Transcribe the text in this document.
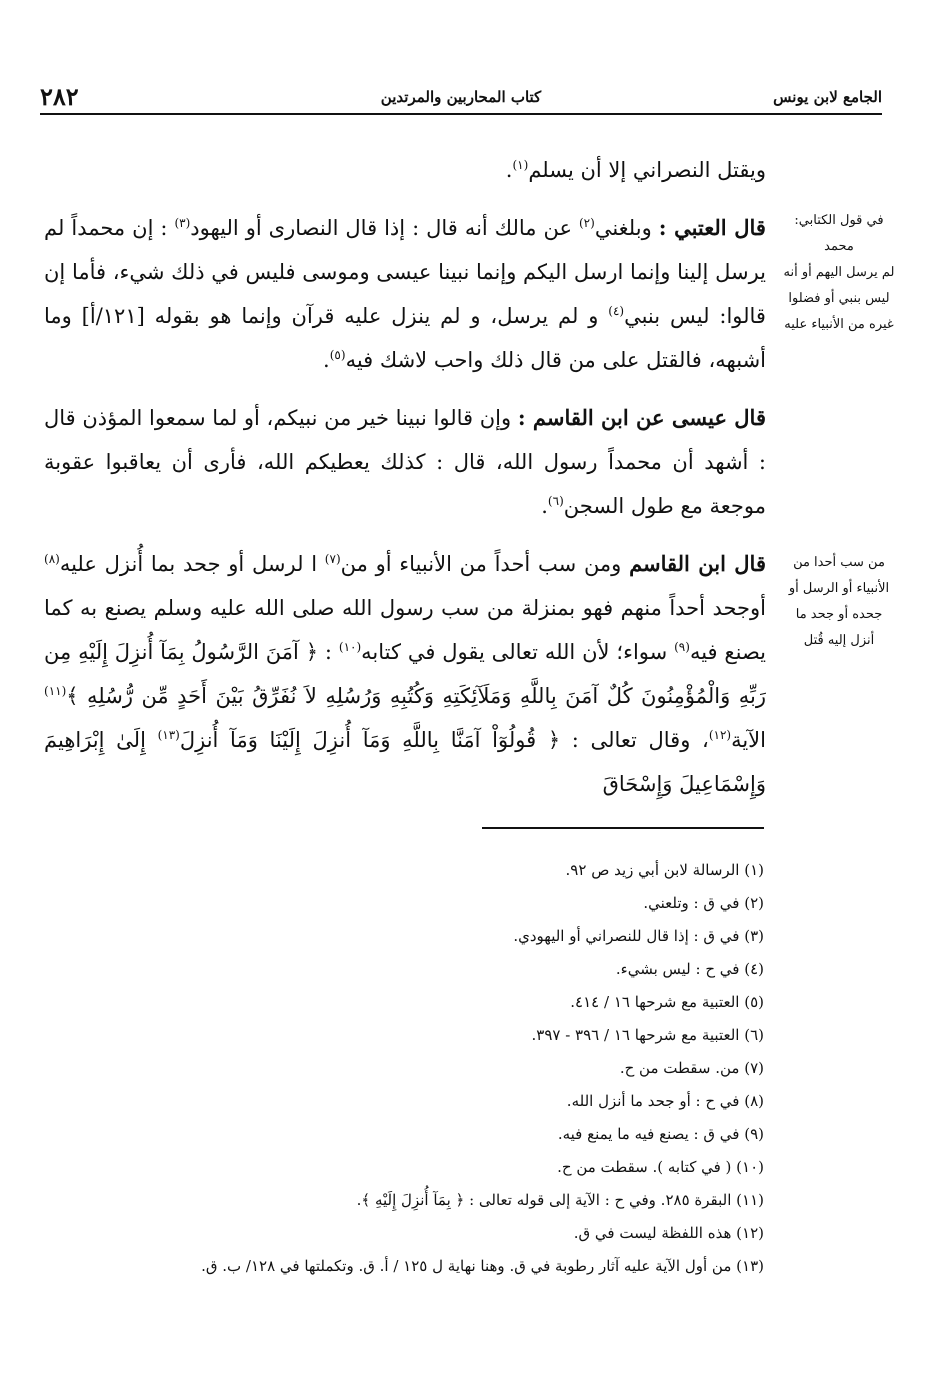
الجامع لابن يونس
كتاب المحاربين والمرتدين
٢٨٢

ويقتل النصراني إلا أن يسلم$^{(١)}$.

قال العتبي : وبلغني$^{(٢)}$ عن مالك أنه قال : إذا قال النصارى أو اليهود$^{(٣)}$ : إن محمداً لم يرسل إلينا وإنما ارسل اليكم وإنما نبينا عيسى وموسى فليس في ذلك شيء، فأما إن قالوا: ليس بنبي$^{(٤)}$ و لم يرسل، و لم ينزل عليه قرآن وإنما هو بقوله [١٢١/أ] وما أشبهه، فالقتل على من قال ذلك واحب لاشك فيه$^{(٥)}$.

قال عيسى عن ابن القاسم : وإن قالوا نبينا خير من نبيكم، أو لما سمعوا المؤذن قال : أشهد أن محمداً رسول الله، قال : كذلك يعطيكم الله، فأرى أن يعاقبوا عقوبة موجعة مع طول السجن$^{(٦)}$.

قال ابن القاسم ومن سب أحداً من الأنبياء أو من$^{(٧)}$ ا لرسل أو جحد بما أُنزل عليه$^{(٨)}$ أوجحد أحداً منهم فهو بمنزلة من سب رسول الله صلى الله عليه وسلم يصنع به كما يصنع فيه$^{(٩)}$ سواء؛ لأن الله تعالى يقول في كتابه$^{(١٠)}$ : ﴿ آمَنَ الرَّسُولُ بِمَآ أُنزِلَ إِلَيْهِ مِن رَبِّهِ وَالْمُؤْمِنُونَ كُلٌ آمَنَ بِاللَّهِ وَمَلَآئِكَتِهِ وَكُتُبِهِ وَرُسُلِهِ لاَ نُفَرِّقُ بَيْنَ أَحَدٍ مِّن رُّسُلِهِ ﴾$^{(١١)}$ الآية$^{(١٢)}$، وقال تعالى : ﴿ قُولُوٓاْ آمَنَّا بِاللَّهِ وَمَآ أُنزِلَ إِلَيْنَا وَمَآ أُنزِلَ$^{(١٣)}$ إِلَىٰ إِبْرَاهِيمَ وَإِسْمَاعِيلَ وَإِسْحَاقَ

في قول الكتابي: محمد
لم يرسل اليهم أو أنه
ليس بنبي أو فضلوا
غيره من الأنبياء عليه
من سب أحدا من
الأنبياء أو الرسل أو
جحده أو جحد ما
أنزل إليه قُتل
(١) الرسالة لابن أبي زيد ص ٩٢.
(٢) في ق : وتلعني.
(٣) في ق : إذا قال للنصراني أو اليهودي.
(٤) في ح : ليس بشيء.
(٥) العتبية مع شرحها ١٦ / ٤١٤.
(٦) العتبية مع شرحها ١٦ / ٣٩٦ - ٣٩٧.
(٧) من. سقطت من ح.
(٨) في ح : أو جحد ما أنزل الله.
(٩) في ق : يصنع فيه ما يمنع فيه.
(١٠) ( في كتابه ). سقطت من ح.
(١١) البقرة ٢٨٥. وفي ح : الآية إلى قوله تعالى : ﴿ بِمَآ أُنزِلَ إِلَيْهِ ﴾.
(١٢) هذه اللفظة ليست في ق.
(١٣) من أول الآية عليه آثار رطوبة في ق. وهنا نهاية ل ١٢٥ / أ. ق. وتكملتها في ١٢٨/ ب. ق.
